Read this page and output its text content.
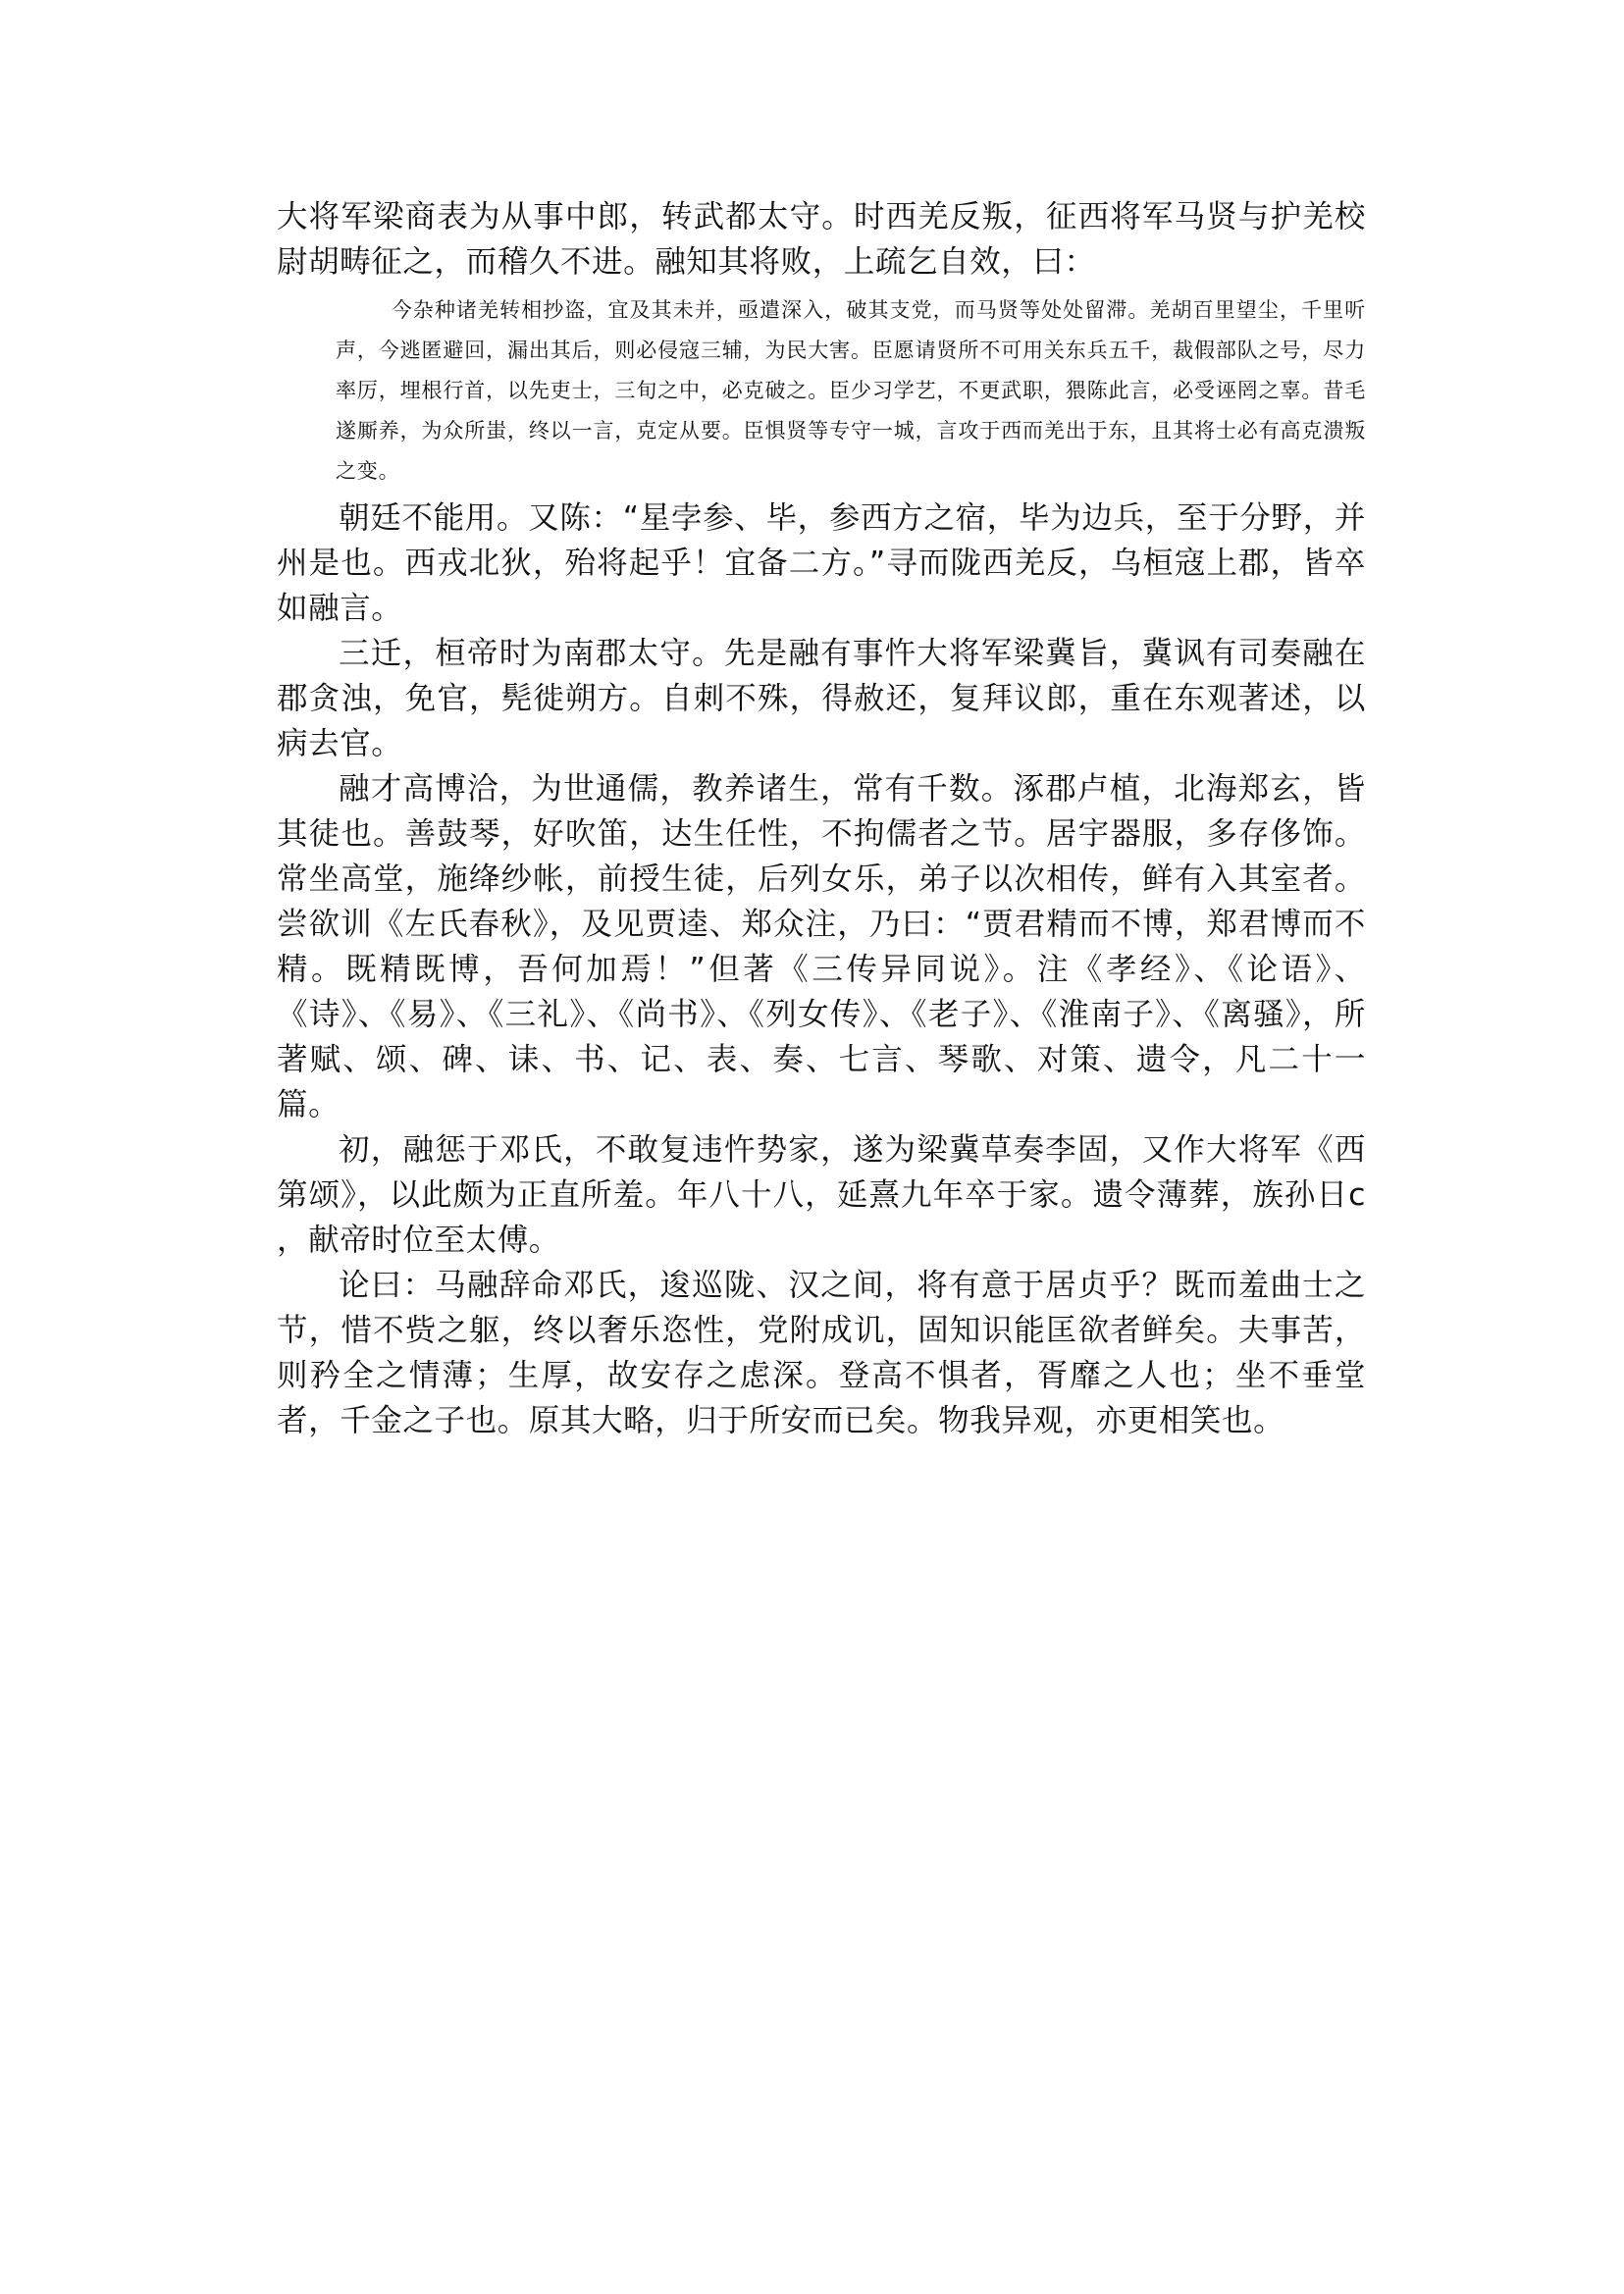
大将军梁商表为从事中郎，转武都太守。时西羌反叛，征西将军马贤与护羌校尉胡畴征之，而稽久不进。融知其将败，上疏乞自效，曰：

今杂种诸羌转相抄盗，宜及其未并，亟遣深入，破其支党，而马贤等处处留滞。羌胡百里望尘，千里听声，今逃匿避回，漏出其后，则必侵寇三辅，为民大害。臣愿请贤所不可用关东兵五千，裁假部队之号，尽力率厉，埋根行首，以先吏士，三旬之中，必克破之。臣少习学艺，不更武职，猥陈此言，必受诬罔之辜。昔毛遂厮养，为众所蚩，终以一言，克定从要。臣惧贤等专守一城，言攻于西而羌出于东，且其将士必有高克溃叛之变。

朝廷不能用。又陈：“星孛参、毕，参西方之宿，毕为边兵，至于分野，并州是也。西戎北狄，殆将起乎！宜备二方。”寻而陇西羌反，乌桓寇上郡，皆卒如融言。

三迁，桓帝时为南郡太守。先是融有事忤大将军梁冀旨，冀讽有司奏融在郡贪浊，免官，髡徙朔方。自刺不殊，得赦还，复拜议郎，重在东观著述，以病去官。

融才高博洽，为世通儒，教养诸生，常有千数。涿郡卢植，北海郑玄，皆其徒也。善鼓琴，好吹笛，达生任性，不拘儒者之节。居宇器服，多存侈饰。常坐高堂，施绛纱帐，前授生徒，后列女乐，弟子以次相传，鲜有入其室者。尝欲训《左氏春秋》，及见贾逵、郑众注，乃曰：“贾君精而不博，郑君博而不精。既精既博，吾何加焉！”但著《三传异同说》。注《孝经》、《论语》、《诗》、《易》、《三礼》、《尚书》、《列女传》、《老子》、《淮南子》、《离骚》，所著赋、颂、碑、诔、书、记、表、奏、七言、琴歌、对策、遗令，凡二十一篇。

初，融惩于邓氏，不敢复违忤势家，遂为梁冀草奏李固，又作大将军《西第颂》，以此颇为正直所羞。年八十八，延熹九年卒于家。遗令薄葬，族孙日c ，献帝时位至太傅。

论曰：马融辞命邓氏，逡巡陇、汉之间，将有意于居贞乎？既而羞曲士之节，惜不赀之躯，终以奢乐恣性，党附成讥，固知识能匡欲者鲜矣。夫事苦，则矜全之情薄；生厚，故安存之虑深。登高不惧者，胥靡之人也；坐不垂堂者，千金之子也。原其大略，归于所安而已矣。物我异观，亦更相笑也。
